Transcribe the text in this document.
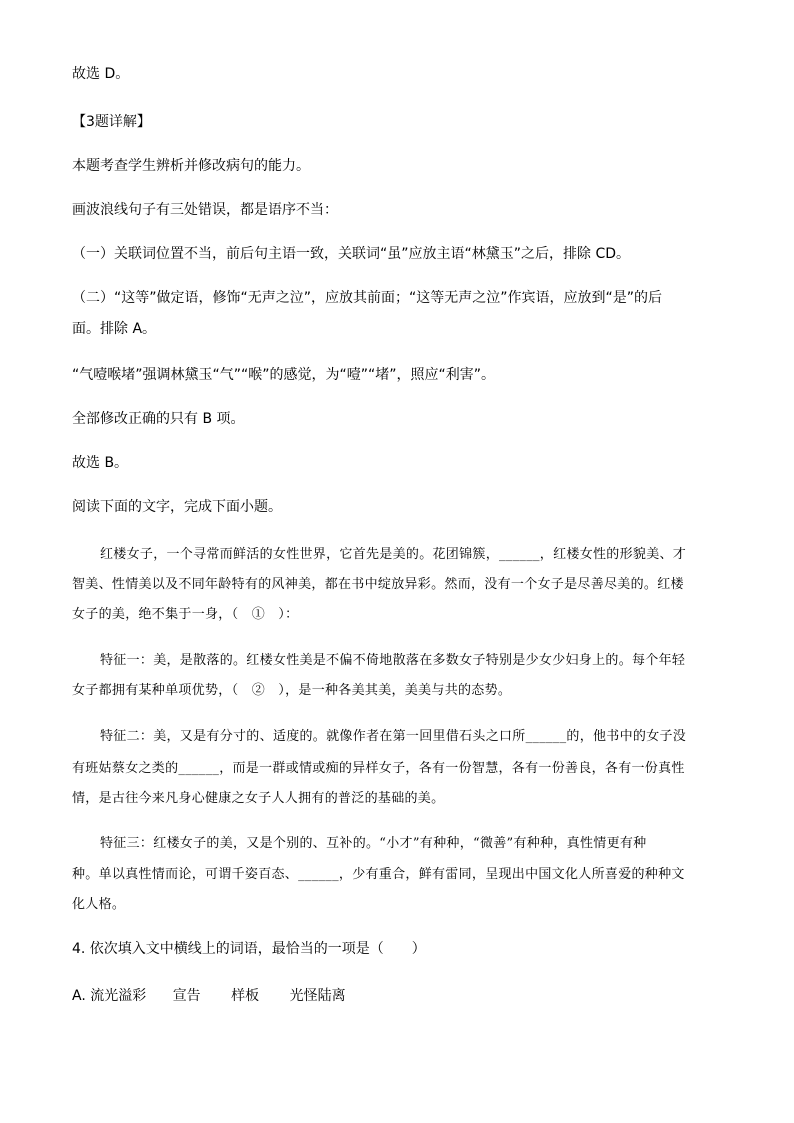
故选 D。
【3题详解】
本题考查学生辨析并修改病句的能力。
画波浪线句子有三处错误，都是语序不当：
（一）关联词位置不当，前后句主语一致，关联词“虽”应放主语“林黛玉”之后，排除 CD。
（二）“这等”做定语，修饰“无声之泣”，应放其前面；“这等无声之泣”作宾语，应放到“是”的后
面。排除 A。
“气噎喉堵”强调林黛玉“气”“喉”的感觉，为“噎”“堵”，照应“利害”。
全部修改正确的只有 B 项。
故选 B。
阅读下面的文字，完成下面小题。
红楼女子，一个寻常而鲜活的女性世界，它首先是美的。花团锦簇，______，红楼女性的形貌美、才
智美、性情美以及不同年龄特有的风神美，都在书中绽放异彩。然而，没有一个女子是尽善尽美的。红楼
女子的美，绝不集于一身，（　①　）：
特征一：美，是散落的。红楼女性美是不偏不倚地散落在多数女子特别是少女少妇身上的。每个年轻
女子都拥有某种单项优势，（　②　），是一种各美其美，美美与共的态势。
特征二：美，又是有分寸的、适度的。就像作者在第一回里借石头之口所______的，他书中的女子没
有班姑蔡女之类的______，而是一群或情或痴的异样女子，各有一份智慧，各有一份善良，各有一份真性
情，是古往今来凡身心健康之女子人人拥有的普泛的基础的美。
特征三：红楼女子的美，又是个别的、互补的。“小才”有种种，“微善”有种种，真性情更有种
种。单以真性情而论，可谓千姿百态、______，少有重合，鲜有雷同，呈现出中国文化人所喜爱的种种文
化人格。
4. 依次填入文中横线上的词语，最恰当的一项是（　　）
A. 流光溢彩 宣告 样板 光怪陆离
